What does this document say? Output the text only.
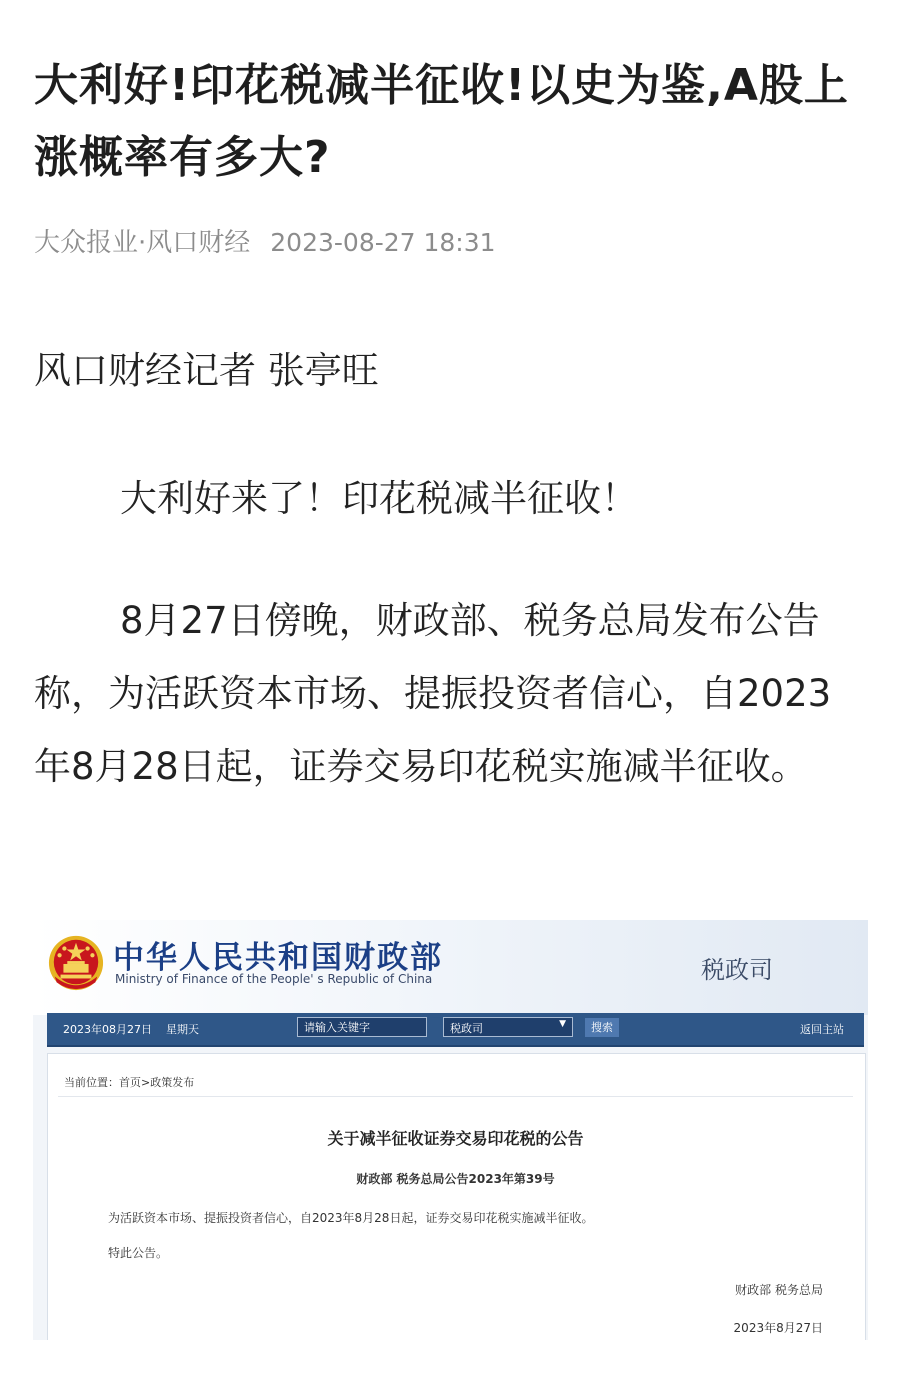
大利好!印花税减半征收!以史为鉴,A股上涨概率有多大?
大众报业·风口财经 2023-08-27 18:31
风口财经记者 张亭旺
大利好来了！印花税减半征收！

8月27日傍晚，财政部、税务总局发布公告称，为活跃资本市场、提振投资者信心，自2023年8月28日起，证券交易印花税实施减半征收。

中华人民共和国财政部
Ministry of Finance of the People' s Republic of China	税政司
2023年08月27日 星期天
请输入关键字	税政司	▼	搜索	返回主站
当前位置：首页>政策发布
关于减半征收证券交易印花税的公告
财政部 税务总局公告2023年第39号
为活跃资本市场、提振投资者信心，自2023年8月28日起，证券交易印花税实施减半征收。
特此公告。
财政部 税务总局
2023年8月27日
